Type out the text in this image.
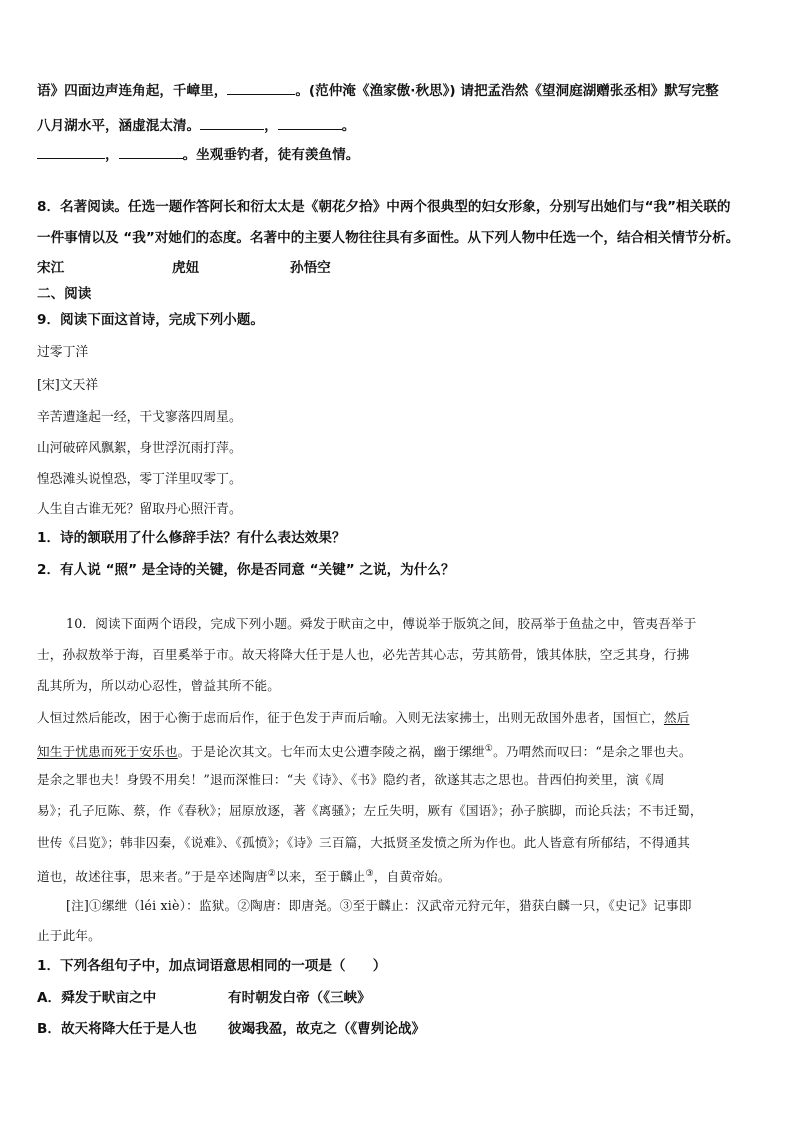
语》四面边声连角起，千嶂里，	。(范仲淹《渔家傲·秋思》) 请把孟浩然《望洞庭湖赠张丞相》默写完整
八月湖水平，涵虚混太清。	，	。
，	。坐观垂钓者，徒有羡鱼情。
8．名著阅读。任选一题作答阿长和衍太太是《朝花夕拾》中两个很典型的妇女形象，分别写出她们与“我”相关联的
一件事情以及 “我”对她们的态度。名著中的主要人物往往具有多面性。从下列人物中任选一个，结合相关情节分析。
宋江	虎妞	孙悟空
二、阅读
9．阅读下面这首诗，完成下列小题。
过零丁洋
[宋]文天祥
辛苦遭逢起一经，干戈寥落四周星。
山河破碎风飘絮，身世浮沉雨打萍。
惶恐滩头说惶恐，零丁洋里叹零丁。
人生自古谁无死？留取丹心照汗青。
1．诗的颔联用了什么修辞手法？有什么表达效果？
2．有人说 “照” 是全诗的关键，你是否同意 “关键” 之说，为什么？
10．阅读下面两个语段，完成下列小题。舜发于畎亩之中，傅说举于版筑之间，胶鬲举于鱼盐之中，管夷吾举于
士，孙叔敖举于海，百里奚举于市。故天将降大任于是人也，必先苦其心志，劳其筋骨，饿其体肤，空乏其身，行拂
乱其所为，所以动心忍性，曾益其所不能。
人恒过然后能改，困于心衡于虑而后作，征于色发于声而后喻。入则无法家拂士，出则无敌国外患者，国恒亡，然后
知生于忧患而死于安乐也。于是论次其文。七年而太史公遭李陵之祸，幽于缧绁①。乃喟然而叹曰：“是余之罪也夫。
是余之罪也夫！身毁不用矣！”退而深惟曰：“夫《诗》、《书》隐约者，欲遂其志之思也。昔西伯拘羑里，演《周
易》；孔子厄陈、蔡，作《春秋》；屈原放逐，著《离骚》；左丘失明，厥有《国语》；孙子膑脚，而论兵法；不韦迁蜀，
世传《吕览》；韩非囚秦，《说难》、《孤愤》；《诗》三百篇，大抵贤圣发愤之所为作也。此人皆意有所郁结，不得通其
道也，故述往事，思来者。”于是卒述陶唐②以来，至于麟止③，自黄帝始。
[注]①缧绁（léi xiè）：监狱。②陶唐：即唐尧。③至于麟止：汉武帝元狩元年，猎获白麟一只，《史记》记事即
止于此年。
1．下列各组句子中，加点词语意思相同的一项是（　　）
A．舜发于畎亩之中	有时朝发白帝（《三峡》
B．故天将降大任于是人也 彼竭我盈，故克之（《曹刿论战》
